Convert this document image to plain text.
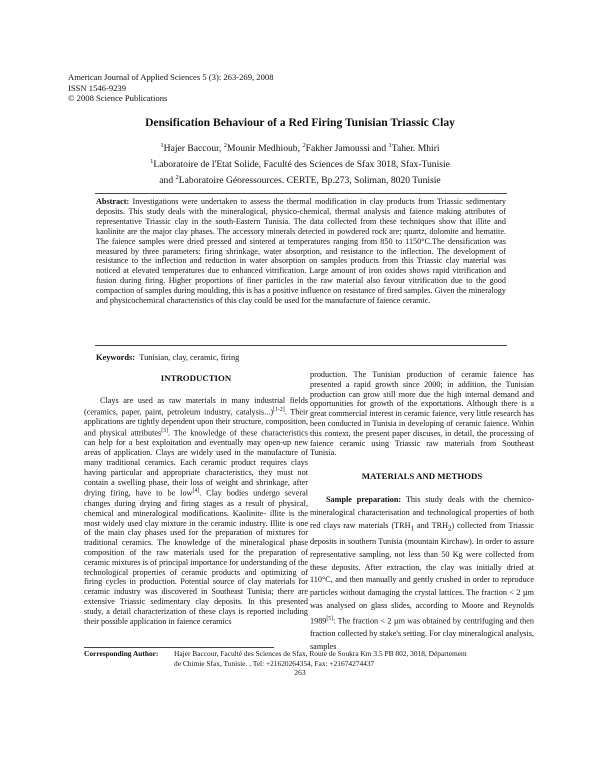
American Journal of Applied Sciences 5 (3): 263-269, 2008
ISSN 1546-9239
© 2008 Science Publications
Densification Behaviour of a Red Firing Tunisian Triassic Clay
$^1$Hajer Baccour, $^2$Mounir Medhioub, $^2$Fakher Jamoussi and $^1$Taher. Mhiri
$^1$Laboratoire de l'Etat Solide, Faculté des Sciences de Sfax 3018, Sfax-Tunisie
and $^2$Laboratoire Géoressources. CERTE, Bp.273, Soliman, 8020 Tunisie
Abstract: Investigations were undertaken to assess the thermal modification in clay products from Triassic sedimentary deposits. This study deals with the mineralogical, physico-chemical, thermal analysis and faience making attributes of representative Triassic clay in the south-Eastern Tunisia. The data collected from these techniques show that illite and kaolinite are the major clay phases. The accessory minerals detected in powdered rock are; quartz, dolomite and hematite. The faience samples were dried pressed and sintered at temperatures ranging from 850 to 1150°C.The densification was measured by three parameters: firing shrinkage, water absorption, and resistance to the inflection. The development of resistance to the inflection and reduction in water absorption on samples products from this Triassic clay material was noticed at elevated temperatures due to enhanced vitrification. Large amount of iron oxides shows rapid vitrification and fusion during firing. Higher proportions of finer particles in the raw material also favour vitrification due to the good compaction of samples during moulding, this is has a positive influence on resistance of fired samples. Given the mineralogy and physicochemical characteristics of this clay could be used for the manufacture of faience ceramic.
Keywords: Tunisian, clay, ceramic, firing
INTRODUCTION

Clays are used as raw materials in many industrial fields (ceramics, paper, paint, petroleum industry, catalysis...)[1-2]. Their applications are tightly dependent upon their structure, composition, and physical attributes[3]. The knowledge of these characteristics can help for a best exploitation and eventually may open-up new areas of application. Clays are widely used in the manufacture of many traditional ceramics. Each ceramic product requires clays having particular and appropriate characteristics, they must not contain a swelling phase, their loss of weight and shrinkage, after drying firing, have to be low[4]. Clay bodies undergo several changes during drying and firing stages as a result of physical, chemical and mineralogical modifications. Kaolinite- illite is the most widely used clay mixture in the ceramic industry. Illite is one of the main clay phases used for the preparation of mixtures for traditional ceramics. The knowledge of the mineralogical phase composition of the raw materials used for the preparation of ceramic mixtures is of principal importance for understanding of the technological properties of ceramic products and optimizing of firing cycles in production. Potential source of clay materials for ceramic industry was discovered in Southeast Tunisia; there are extensive Triassic sedimentary clay deposits. In this presented study, a detail characterization of these clays is reported including their possible application in faience ceramics

production. The Tunisian production of ceramic faience has presented a rapid growth since 2000; in addition, the Tunisian production can grow still more due the high internal demand and opportunities for growth of the exportations. Although there is a great commercial interest in ceramic faience, very little research has been conducted in Tunisia in developing of ceramic faience. Within this context, the present paper discuses, in detail, the processing of faience ceramic using Triassic raw materials from Southeast Tunisia.

MATERIALS AND METHODS

Sample preparation: This study deals with the chemico-mineralogical characterisation and technological properties of both red clays raw materials ($TRH_1$ and $TRH_2$) collected from Triassic deposits in southern Tunisia (mountain Kirchaw). In order to assure representative sampling, not less than 50 Kg were collected from these deposits. After extraction, the clay was initially dried at 110°C, and then manually and gently crushed in order to reproduce particles without damaging the crystal lattices. The fraction < 2 µm was analysed on glass slides, according to Moore and Reynolds 1989[5]: The fraction < 2 µm was obtained by centrifuging and then fraction collected by stake's setting. For clay mineralogical analysis, samples

Corresponding Author: Hajer Baccour, Faculté des Sciences de Sfax, Route de Soukra Km 3.5 PB 802, 3018, Département
de Chimie Sfax, Tunisie. , Tel: +21620264354, Fax: +21674274437
263
